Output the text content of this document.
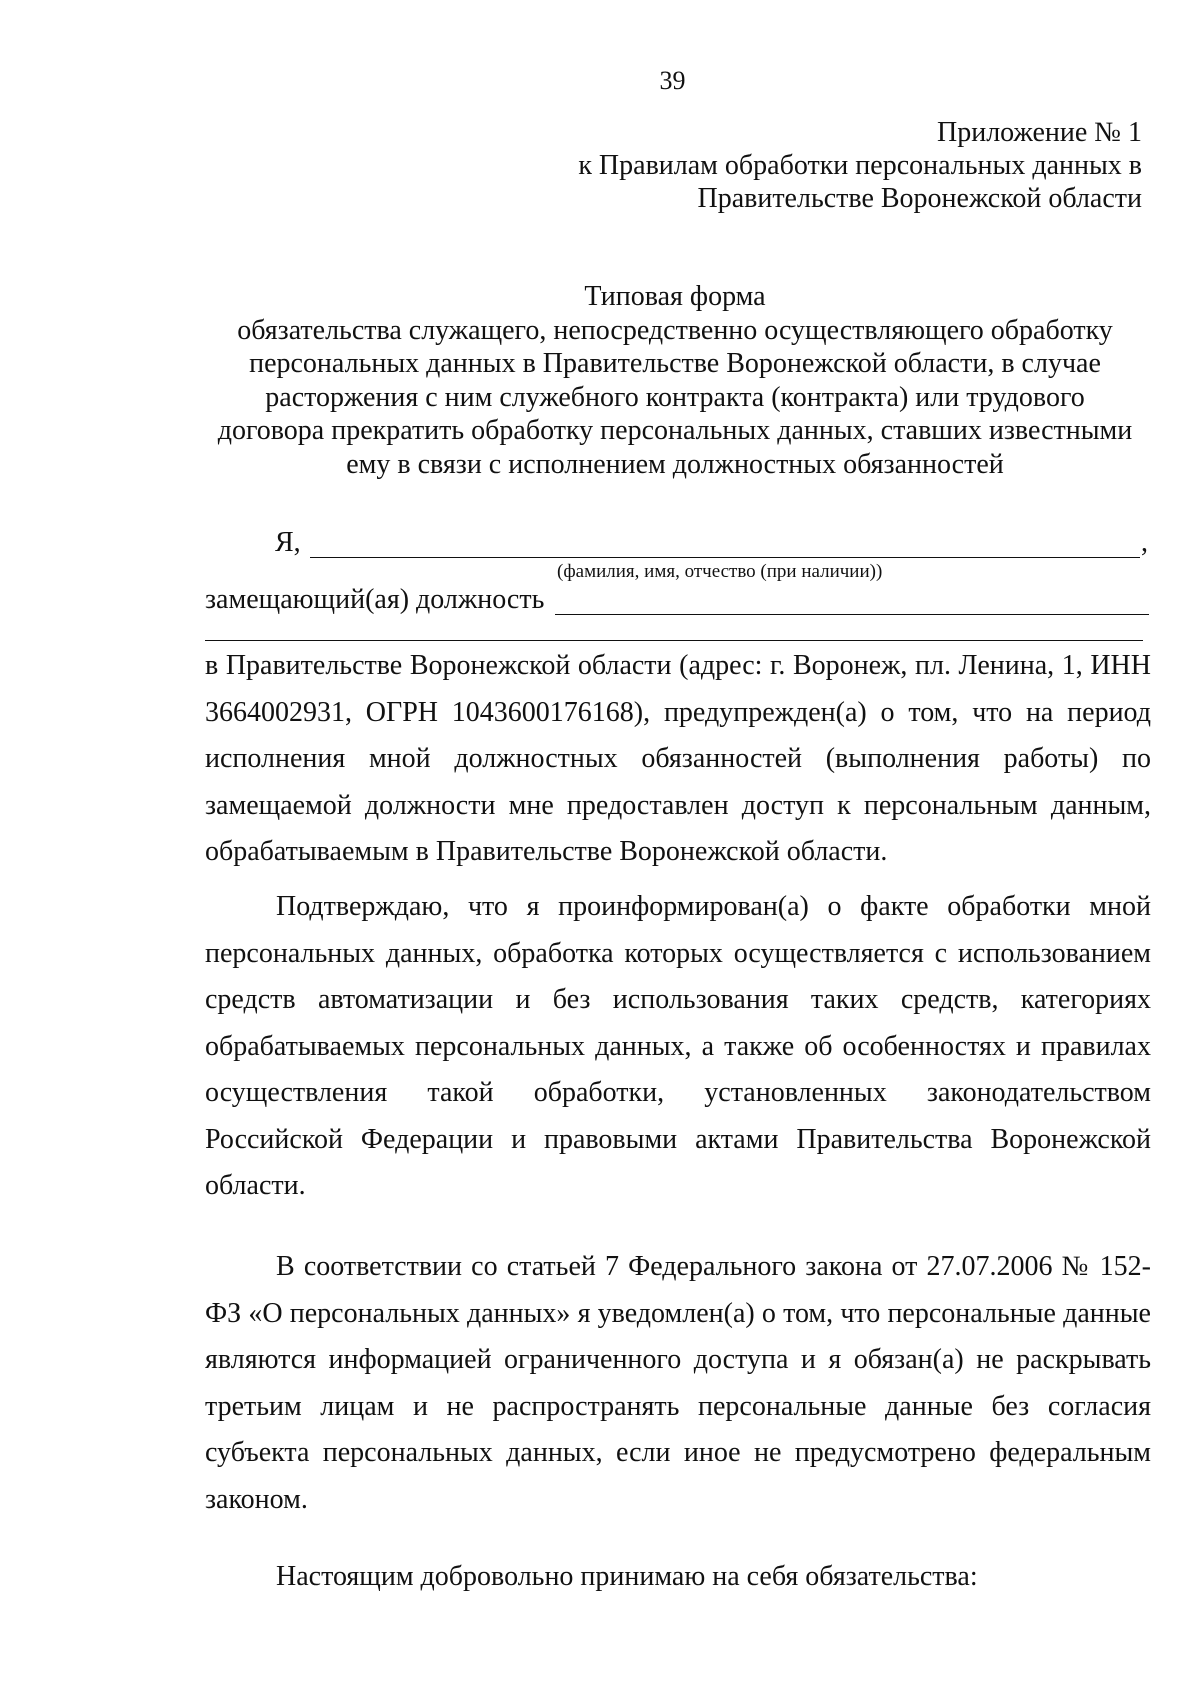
39
Приложение № 1
к Правилам обработки персональных данных в
Правительстве Воронежской области
Типовая форма
обязательства служащего, непосредственно осуществляющего обработку
персональных данных в Правительстве Воронежской области, в случае
расторжения с ним служебного контракта (контракта) или трудового
договора прекратить обработку персональных данных, ставших известными
ему в связи с исполнением должностных обязанностей
Я,	,
(фамилия, имя, отчество (при наличии))
замещающий(ая) должность

в Правительстве Воронежской области (адрес: г. Воронеж, пл. Ленина, 1, ИНН 3664002931, ОГРН 1043600176168), предупрежден(а) о том, что на период исполнения мной должностных обязанностей (выполнения работы) по замещаемой должности мне предоставлен доступ к персональным данным, обрабатываемым в Правительстве Воронежской области.

Подтверждаю, что я проинформирован(а) о факте обработки мной персональных данных, обработка которых осуществляется с использованием средств автоматизации и без использования таких средств, категориях обрабатываемых персональных данных, а также об особенностях и правилах осуществления такой обработки, установленных законодательством Российской Федерации и правовыми актами Правительства Воронежской области.

В соответствии со статьей 7 Федерального закона от 27.07.2006 № 152-ФЗ «О персональных данных» я уведомлен(а) о том, что персональные данные являются информацией ограниченного доступа и я обязан(а) не раскрывать третьим лицам и не распространять персональные данные без согласия субъекта персональных данных, если иное не предусмотрено федеральным законом.

Настоящим добровольно принимаю на себя обязательства:
